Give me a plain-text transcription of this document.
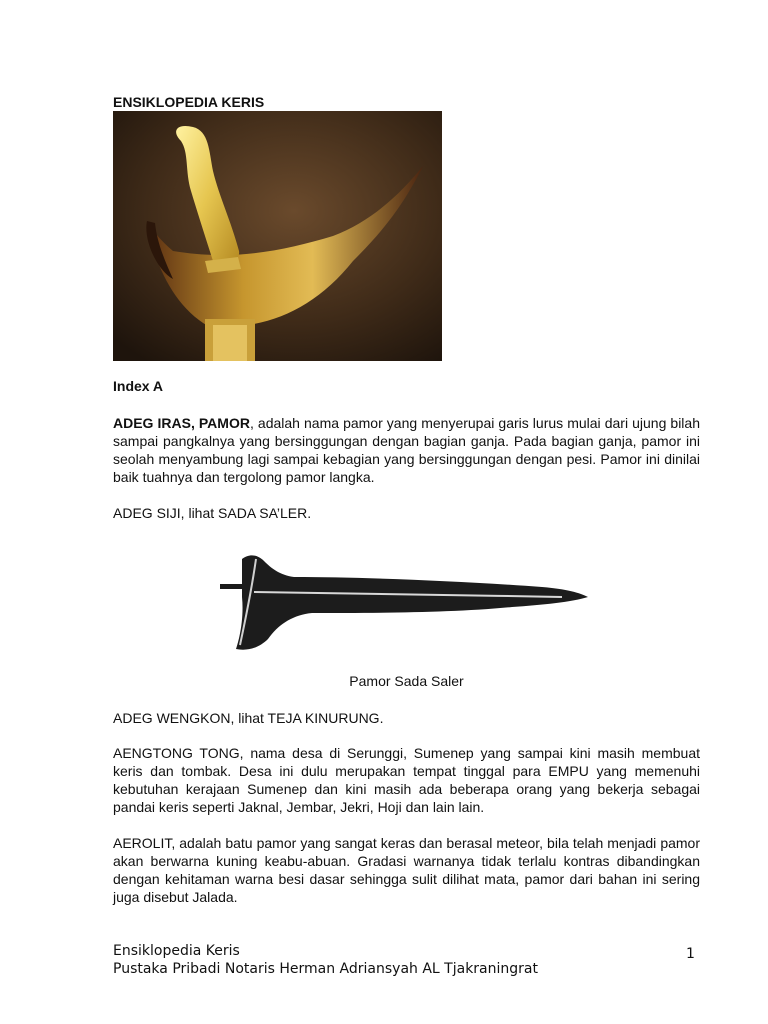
ENSIKLOPEDIA KERIS
Index A
ADEG IRAS, PAMOR, adalah nama pamor yang menyerupai garis lurus mulai dari ujung bilah sampai pangkalnya yang bersinggungan dengan bagian ganja. Pada bagian ganja, pamor ini seolah menyambung lagi sampai kebagian yang bersinggungan dengan pesi. Pamor ini dinilai baik tuahnya dan tergolong pamor langka.
ADEG SIJI, lihat SADA SA’LER.
Pamor Sada Saler
ADEG WENGKON, lihat TEJA KINURUNG.
AENGTONG TONG, nama desa di Serunggi, Sumenep yang sampai kini masih membuat keris dan tombak. Desa ini dulu merupakan tempat tinggal para EMPU yang memenuhi kebutuhan kerajaan Sumenep dan kini masih ada beberapa orang yang bekerja sebagai pandai keris seperti Jaknal, Jembar, Jekri, Hoji dan lain lain.
AEROLIT, adalah batu pamor yang sangat keras dan berasal meteor, bila telah menjadi pamor akan berwarna kuning keabu-abuan. Gradasi warnanya tidak terlalu kontras dibandingkan dengan kehitaman warna besi dasar sehingga sulit dilihat mata, pamor dari bahan ini sering juga disebut Jalada.
Ensiklopedia Keris
Pustaka Pribadi Notaris Herman Adriansyah AL Tjakraningrat
1
